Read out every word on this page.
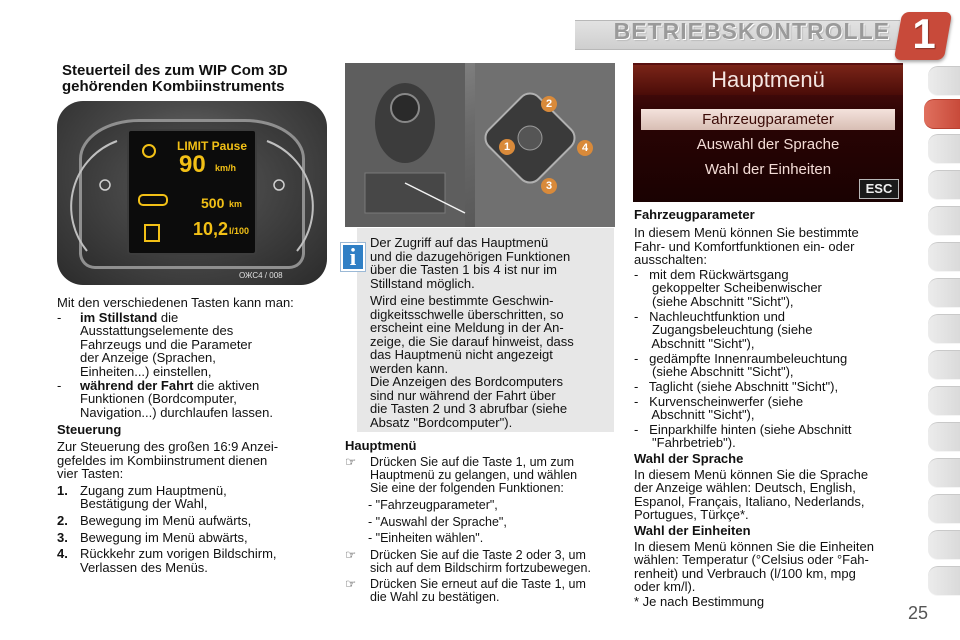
BETRIEBSKONTROLLE 1
Steuerteil des zum WIP Com 3D
gehörenden Kombiinstruments
LIMIT Pause
90 km/h
500 km
10,2 l/100
ОЖС4 / 008
Mit den verschiedenen Tasten kann man:
- im Stillstand die
Ausstattungselemente des
Fahrzeugs und die Parameter
der Anzeige (Sprachen,
Einheiten...) einstellen,
- während der Fahrt die aktiven
Funktionen (Bordcomputer,
Navigation...) durchlaufen lassen.
Steuerung
Zur Steuerung des großen 16:9 Anzei-
gefeldes im Kombiinstrument dienen
vier Tasten:
1. Zugang zum Hauptmenü,
Bestätigung der Wahl,
2. Bewegung im Menü aufwärts,
3. Bewegung im Menü abwärts,
4. Rückkehr zum vorigen Bildschirm,
Verlassen des Menüs.
2
1	4
3
i
Der Zugriff auf das Hauptmenü
und die dazugehörigen Funktionen
über die Tasten 1 bis 4 ist nur im
Stillstand möglich.
Wird eine bestimmte Geschwin-
digkeitsschwelle überschritten, so
erscheint eine Meldung in der An-
zeige, die Sie darauf hinweist, dass
das Hauptmenü nicht angezeigt
werden kann.
Die Anzeigen des Bordcomputers
sind nur während der Fahrt über
die Tasten 2 und 3 abrufbar (siehe
Absatz "Bordcomputer").
Hauptmenü
☞ Drücken Sie auf die Taste 1, um zum
Hauptmenü zu gelangen, und wählen
Sie eine der folgenden Funktionen:
- "Fahrzeugparameter",
- "Auswahl der Sprache",
- "Einheiten wählen".
☞ Drücken Sie auf die Taste 2 oder 3, um
sich auf dem Bildschirm fortzubewegen.
☞ Drücken Sie erneut auf die Taste 1, um
die Wahl zu bestätigen.
Hauptmenü
Fahrzeugparameter
Auswahl der Sprache
Wahl der Einheiten
ESC
Fahrzeugparameter
In diesem Menü können Sie bestimmte
Fahr- und Komfortfunktionen ein- oder
ausschalten:
-   mit dem Rückwärtsgang
gekoppelter Scheibenwischer
(siehe Abschnitt "Sicht"),
-   Nachleuchtfunktion und
Zugangsbeleuchtung (siehe
Abschnitt "Sicht"),
-   gedämpfte Innenraumbeleuchtung
(siehe Abschnitt "Sicht"),
-   Taglicht (siehe Abschnitt "Sicht"),
-   Kurvenscheinwerfer (siehe
Abschnitt "Sicht"),
-   Einparkhilfe hinten (siehe Abschnitt
"Fahrbetrieb").
Wahl der Sprache
In diesem Menü können Sie die Sprache
der Anzeige wählen: Deutsch, English,
Espanol, Français, Italiano, Nederlands,
Portugues, Türkçe*.
Wahl der Einheiten
In diesem Menü können Sie die Einheiten
wählen: Temperatur (°Celsius oder °Fah-
renheit) und Verbrauch (l/100 km, mpg
oder km/l).
* Je nach Bestimmung
25
